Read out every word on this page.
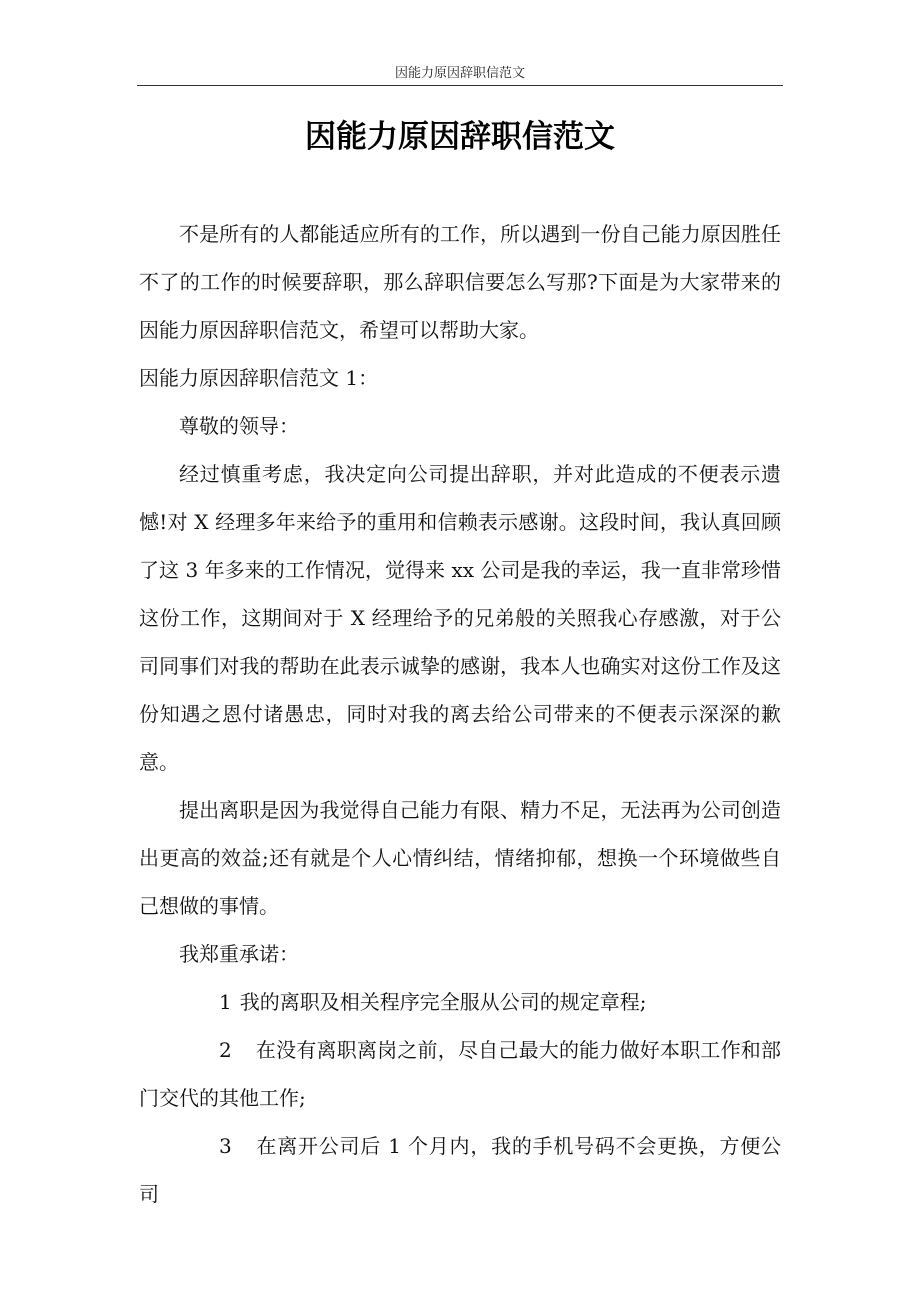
因能力原因辞职信范文
因能力原因辞职信范文

不是所有的人都能适应所有的工作，所以遇到一份自己能力原因胜任不了的工作的时候要辞职，那么辞职信要怎么写那?下面是为大家带来的因能力原因辞职信范文，希望可以帮助大家。

因能力原因辞职信范文 1：

尊敬的领导：

经过慎重考虑，我决定向公司提出辞职，并对此造成的不便表示遗憾!对 X 经理多年来给予的重用和信赖表示感谢。这段时间，我认真回顾了这 3 年多来的工作情况，觉得来 xx 公司是我的幸运，我一直非常珍惜这份工作，这期间对于 X 经理给予的兄弟般的关照我心存感激，对于公司同事们对我的帮助在此表示诚挚的感谢，我本人也确实对这份工作及这份知遇之恩付诸愚忠，同时对我的离去给公司带来的不便表示深深的歉意。

提出离职是因为我觉得自己能力有限、精力不足，无法再为公司创造出更高的效益;还有就是个人心情纠结，情绪抑郁，想换一个环境做些自己想做的事情。

我郑重承诺：

1 我的离职及相关程序完全服从公司的规定章程;

2 在没有离职离岗之前，尽自己最大的能力做好本职工作和部门交代的其他工作;

3 在离开公司后 1 个月内，我的手机号码不会更换，方便公司
